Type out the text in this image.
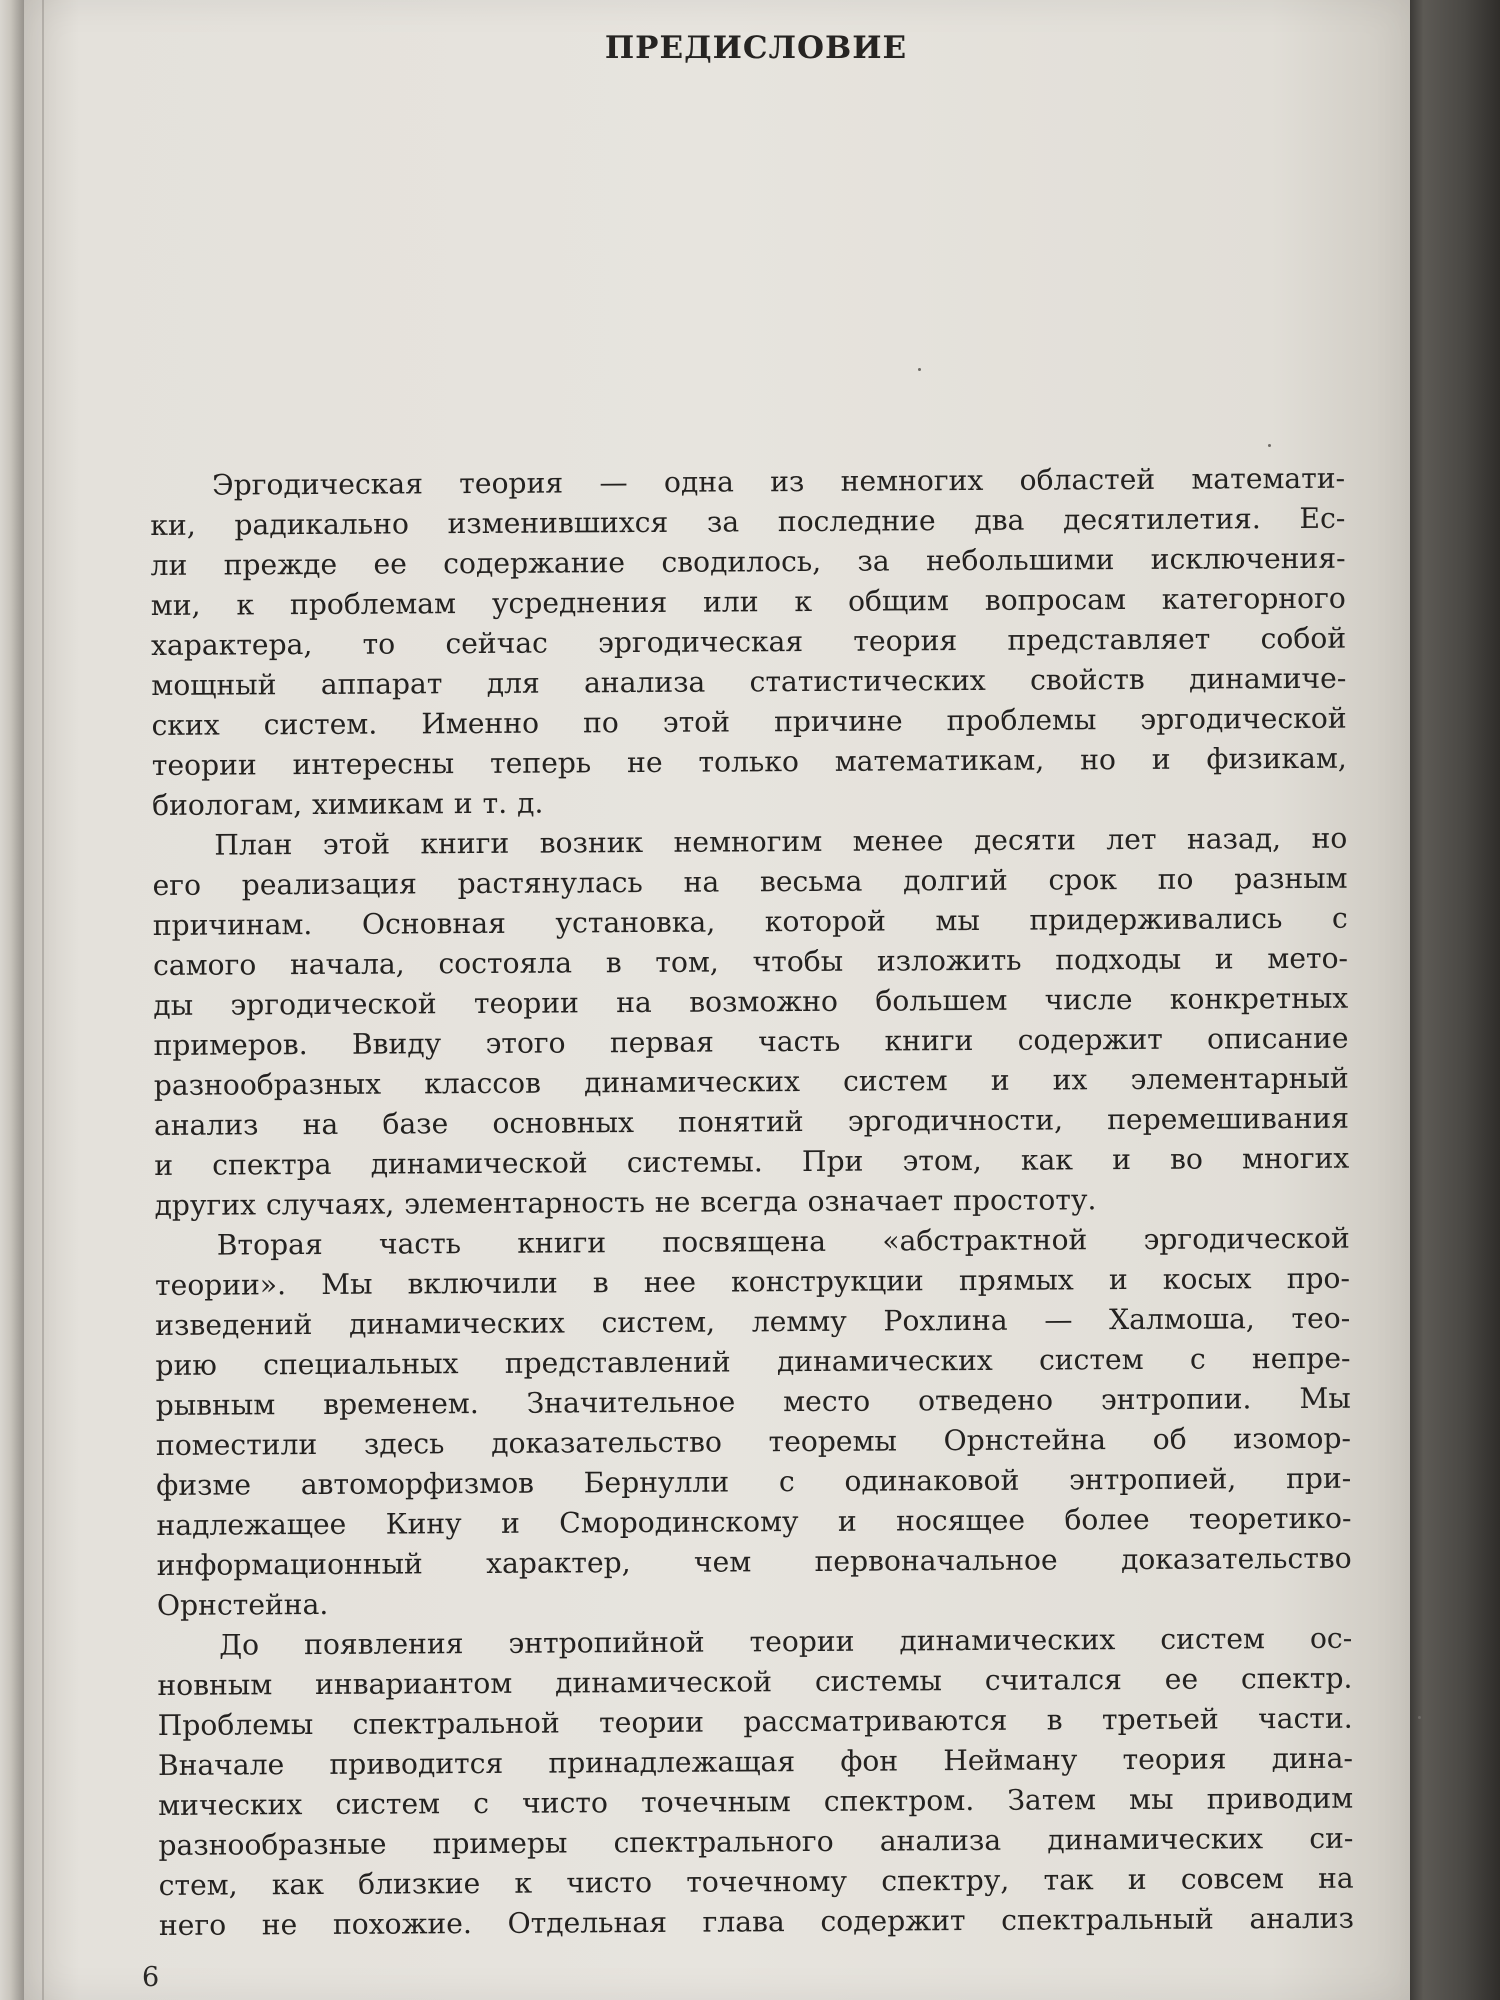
ПРЕДИСЛОВИЕ
Эргодическая теория — одна из немногих областей математи-
ки, радикально изменившихся за последние два десятилетия. Ес-
ли прежде ее содержание сводилось, за небольшими исключения-
ми, к проблемам усреднения или к общим вопросам категорного
характера, то сейчас эргодическая теория представляет собой
мощный аппарат для анализа статистических свойств динамиче-
ских систем. Именно по этой причине проблемы эргодической
теории интересны теперь не только математикам, но и физикам,
биологам, химикам и т. д.
План этой книги возник немногим менее десяти лет назад, но
его реализация растянулась на весьма долгий срок по разным
причинам. Основная установка, которой мы придерживались с
самого начала, состояла в том, чтобы изложить подходы и мето-
ды эргодической теории на возможно большем числе конкретных
примеров. Ввиду этого первая часть книги содержит описание
разнообразных классов динамических систем и их элементарный
анализ на базе основных понятий эргодичности, перемешивания
и спектра динамической системы. При этом, как и во многих
других случаях, элементарность не всегда означает простоту.
Вторая часть книги посвящена «абстрактной эргодической
теории». Мы включили в нее конструкции прямых и косых про-
изведений динамических систем, лемму Рохлина — Халмоша, тео-
рию специальных представлений динамических систем с непре-
рывным временем. Значительное место отведено энтропии. Мы
поместили здесь доказательство теоремы Орнстейна об изомор-
физме автоморфизмов Бернулли с одинаковой энтропией, при-
надлежащее Кину и Смородинскому и носящее более теоретико-
информационный характер, чем первоначальное доказательство
Орнстейна.
До появления энтропийной теории динамических систем ос-
новным инвариантом динамической системы считался ее спектр.
Проблемы спектральной теории рассматриваются в третьей части.
Вначале приводится принадлежащая фон Нейману теория дина-
мических систем с чисто точечным спектром. Затем мы приводим
разнообразные примеры спектрального анализа динамических си-
стем, как близкие к чисто точечному спектру, так и совсем на
него не похожие. Отдельная глава содержит спектральный анализ
6
